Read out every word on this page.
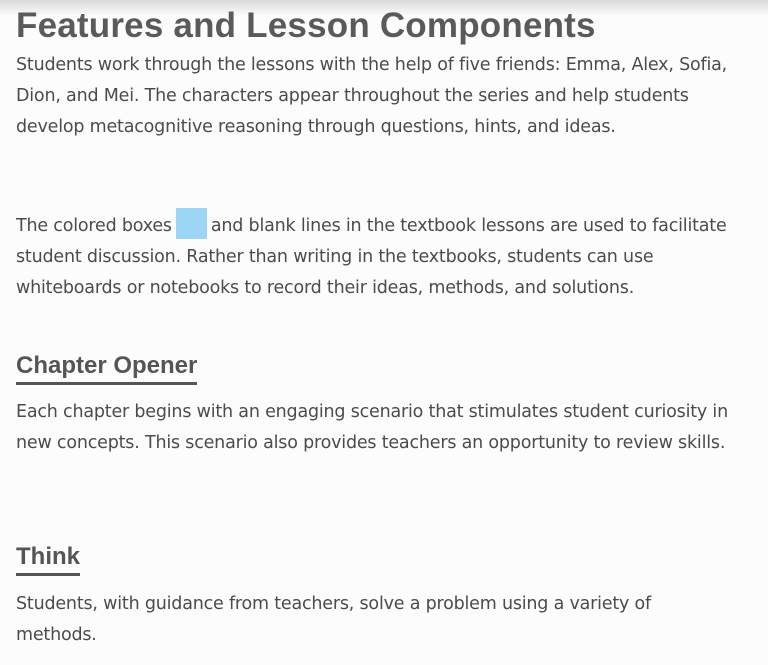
Features and Lesson Components

Students work through the lessons with the help of five friends: Emma, Alex, Sofia, Dion, and Mei. The characters appear throughout the series and help students develop metacognitive reasoning through questions, hints, and ideas.

The colored boxes and blank lines in the textbook lessons are used to facilitate student discussion. Rather than writing in the textbooks, students can use whiteboards or notebooks to record their ideas, methods, and solutions.

Chapter Opener

Each chapter begins with an engaging scenario that stimulates student curiosity in new concepts. This scenario also provides teachers an opportunity to review skills.

Think

Students, with guidance from teachers, solve a problem using a variety of methods.
